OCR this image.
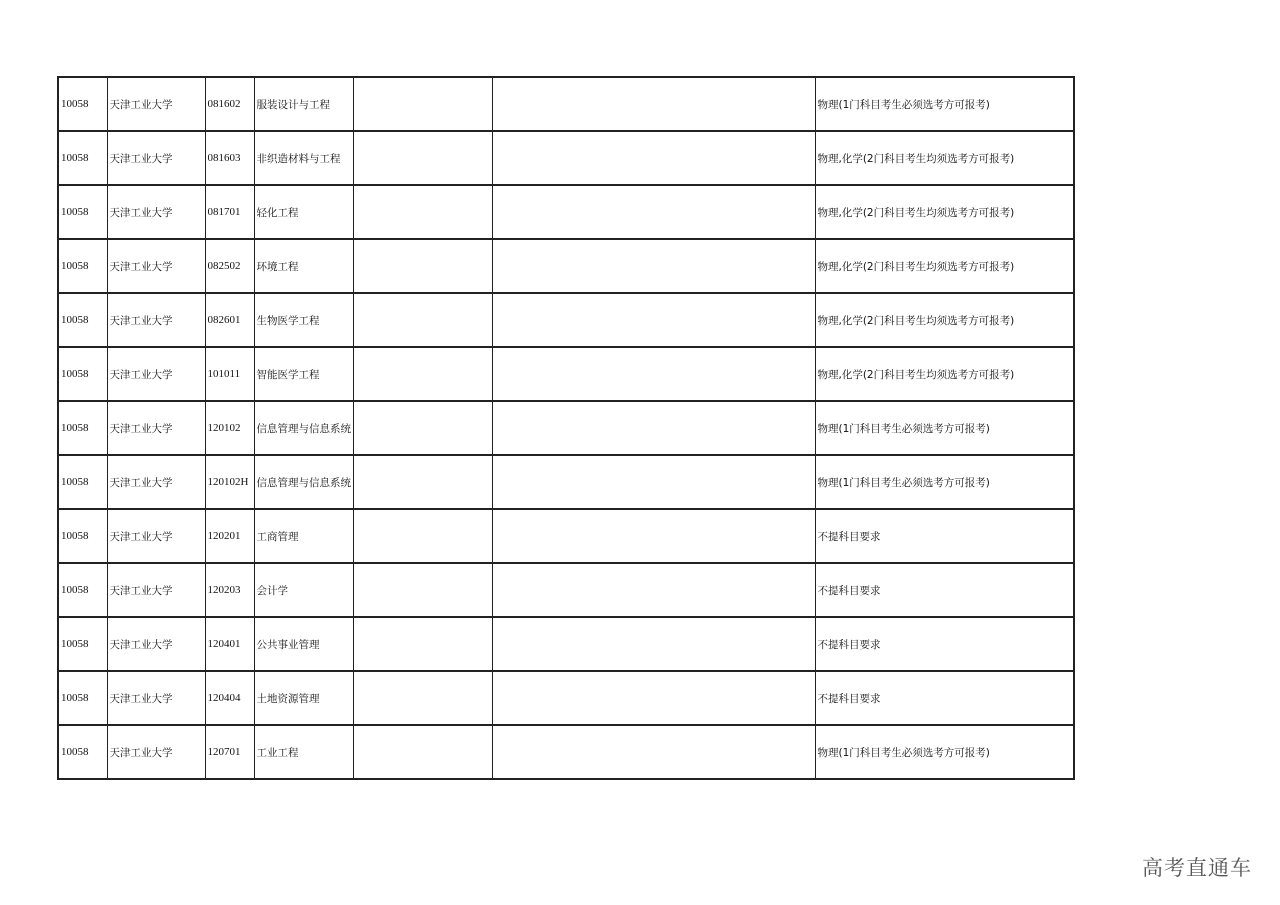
10058	天津工业大学	081602	服装设计与工程			物理(1门科目考生必须选考方可报考)
10058	天津工业大学	081603	非织造材料与工程			物理,化学(2门科目考生均须选考方可报考)
10058	天津工业大学	081701	轻化工程			物理,化学(2门科目考生均须选考方可报考)
10058	天津工业大学	082502	环境工程			物理,化学(2门科目考生均须选考方可报考)
10058	天津工业大学	082601	生物医学工程			物理,化学(2门科目考生均须选考方可报考)
10058	天津工业大学	101011	智能医学工程			物理,化学(2门科目考生均须选考方可报考)
10058	天津工业大学	120102	信息管理与信息系统			物理(1门科目考生必须选考方可报考)
10058	天津工业大学	120102H	信息管理与信息系统			物理(1门科目考生必须选考方可报考)
10058	天津工业大学	120201	工商管理			不提科目要求
10058	天津工业大学	120203	会计学			不提科目要求
10058	天津工业大学	120401	公共事业管理			不提科目要求
10058	天津工业大学	120404	土地资源管理			不提科目要求
10058	天津工业大学	120701	工业工程			物理(1门科目考生必须选考方可报考)
高考直通车
